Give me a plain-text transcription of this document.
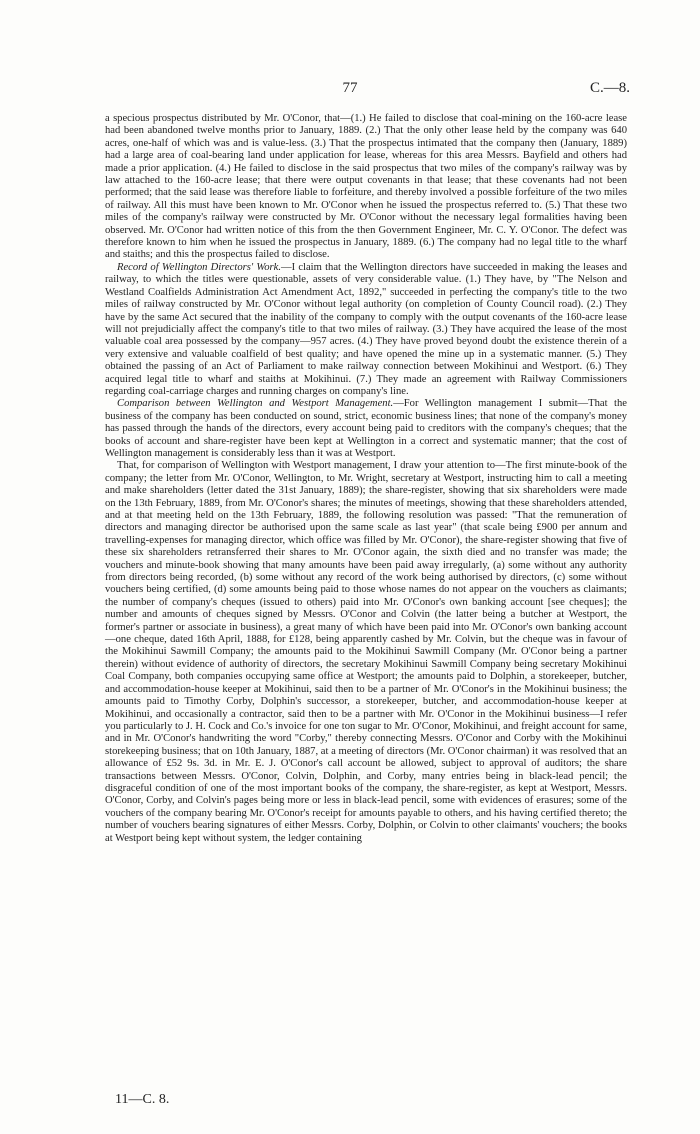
77	C.—8.

a specious prospectus distributed by Mr. O'Conor, that—(1.) He failed to disclose that coal-mining on the 160-acre lease had been abandoned twelve months prior to January, 1889. (2.) That the only other lease held by the company was 640 acres, one-half of which was and is value-less. (3.) That the prospectus intimated that the company then (January, 1889) had a large area of coal-bearing land under application for lease, whereas for this area Messrs. Bayfield and others had made a prior application. (4.) He failed to disclose in the said prospectus that two miles of the company's railway was by law attached to the 160-acre lease; that there were output covenants in that lease; that these covenants had not been performed; that the said lease was therefore liable to forfeiture, and thereby involved a possible forfeiture of the two miles of railway. All this must have been known to Mr. O'Conor when he issued the prospectus referred to. (5.) That these two miles of the company's railway were constructed by Mr. O'Conor without the necessary legal formalities having been observed. Mr. O'Conor had written notice of this from the then Government Engineer, Mr. C. Y. O'Conor. The defect was therefore known to him when he issued the prospectus in January, 1889. (6.) The company had no legal title to the wharf and staiths; and this the prospectus failed to disclose.

Record of Wellington Directors' Work.—I claim that the Wellington directors have succeeded in making the leases and railway, to which the titles were questionable, assets of very considerable value. (1.) They have, by "The Nelson and Westland Coalfields Administration Act Amendment Act, 1892," succeeded in perfecting the company's title to the two miles of railway constructed by Mr. O'Conor without legal authority (on completion of County Council road). (2.) They have by the same Act secured that the inability of the company to comply with the output covenants of the 160-acre lease will not prejudicially affect the company's title to that two miles of railway. (3.) They have acquired the lease of the most valuable coal area possessed by the company—957 acres. (4.) They have proved beyond doubt the existence therein of a very extensive and valuable coalfield of best quality; and have opened the mine up in a systematic manner. (5.) They obtained the passing of an Act of Parliament to make railway connection between Mokihinui and Westport. (6.) They acquired legal title to wharf and staiths at Mokihinui. (7.) They made an agreement with Railway Commissioners regarding coal-carriage charges and running charges on company's line.

Comparison between Wellington and Westport Management.—For Wellington management I submit—That the business of the company has been conducted on sound, strict, economic business lines; that none of the company's money has passed through the hands of the directors, every account being paid to creditors with the company's cheques; that the books of account and share-register have been kept at Wellington in a correct and systematic manner; that the cost of Wellington management is considerably less than it was at Westport.

That, for comparison of Wellington with Westport management, I draw your attention to—The first minute-book of the company; the letter from Mr. O'Conor, Wellington, to Mr. Wright, secretary at Westport, instructing him to call a meeting and make shareholders (letter dated the 31st January, 1889); the share-register, showing that six shareholders were made on the 13th February, 1889, from Mr. O'Conor's shares; the minutes of meetings, showing that these shareholders attended, and at that meeting held on the 13th February, 1889, the following resolution was passed: "That the remuneration of directors and managing director be authorised upon the same scale as last year" (that scale being £900 per annum and travelling-expenses for managing director, which office was filled by Mr. O'Conor), the share-register showing that five of these six shareholders retransferred their shares to Mr. O'Conor again, the sixth died and no transfer was made; the vouchers and minute-book showing that many amounts have been paid away irregularly, (a) some without any authority from directors being recorded, (b) some without any record of the work being authorised by directors, (c) some without vouchers being certified, (d) some amounts being paid to those whose names do not appear on the vouchers as claimants; the number of company's cheques (issued to others) paid into Mr. O'Conor's own banking account [see cheques]; the number and amounts of cheques signed by Messrs. O'Conor and Colvin (the latter being a butcher at Westport, the former's partner or associate in business), a great many of which have been paid into Mr. O'Conor's own banking account—one cheque, dated 16th April, 1888, for £128, being apparently cashed by Mr. Colvin, but the cheque was in favour of the Mokihinui Sawmill Company; the amounts paid to the Mokihinui Sawmill Company (Mr. O'Conor being a partner therein) without evidence of authority of directors, the secretary Mokihinui Sawmill Company being secretary Mokihinui Coal Company, both companies occupying same office at Westport; the amounts paid to Dolphin, a storekeeper, butcher, and accommodation-house keeper at Mokihinui, said then to be a partner of Mr. O'Conor's in the Mokihinui business; the amounts paid to Timothy Corby, Dolphin's successor, a storekeeper, butcher, and accommodation-house keeper at Mokihinui, and occasionally a contractor, said then to be a partner with Mr. O'Conor in the Mokihinui business—I refer you particularly to J. H. Cock and Co.'s invoice for one ton sugar to Mr. O'Conor, Mokihinui, and freight account for same, and in Mr. O'Conor's handwriting the word "Corby," thereby connecting Messrs. O'Conor and Corby with the Mokihinui storekeeping business; that on 10th January, 1887, at a meeting of directors (Mr. O'Conor chairman) it was resolved that an allowance of £52 9s. 3d. in Mr. E. J. O'Conor's call account be allowed, subject to approval of auditors; the share transactions between Messrs. O'Conor, Colvin, Dolphin, and Corby, many entries being in black-lead pencil; the disgraceful condition of one of the most important books of the company, the share-register, as kept at Westport, Messrs. O'Conor, Corby, and Colvin's pages being more or less in black-lead pencil, some with evidences of erasures; some of the vouchers of the company bearing Mr. O'Conor's receipt for amounts payable to others, and his having certified thereto; the number of vouchers bearing signatures of either Messrs. Corby, Dolphin, or Colvin to other claimants' vouchers; the books at Westport being kept without system, the ledger containing

11—C. 8.
